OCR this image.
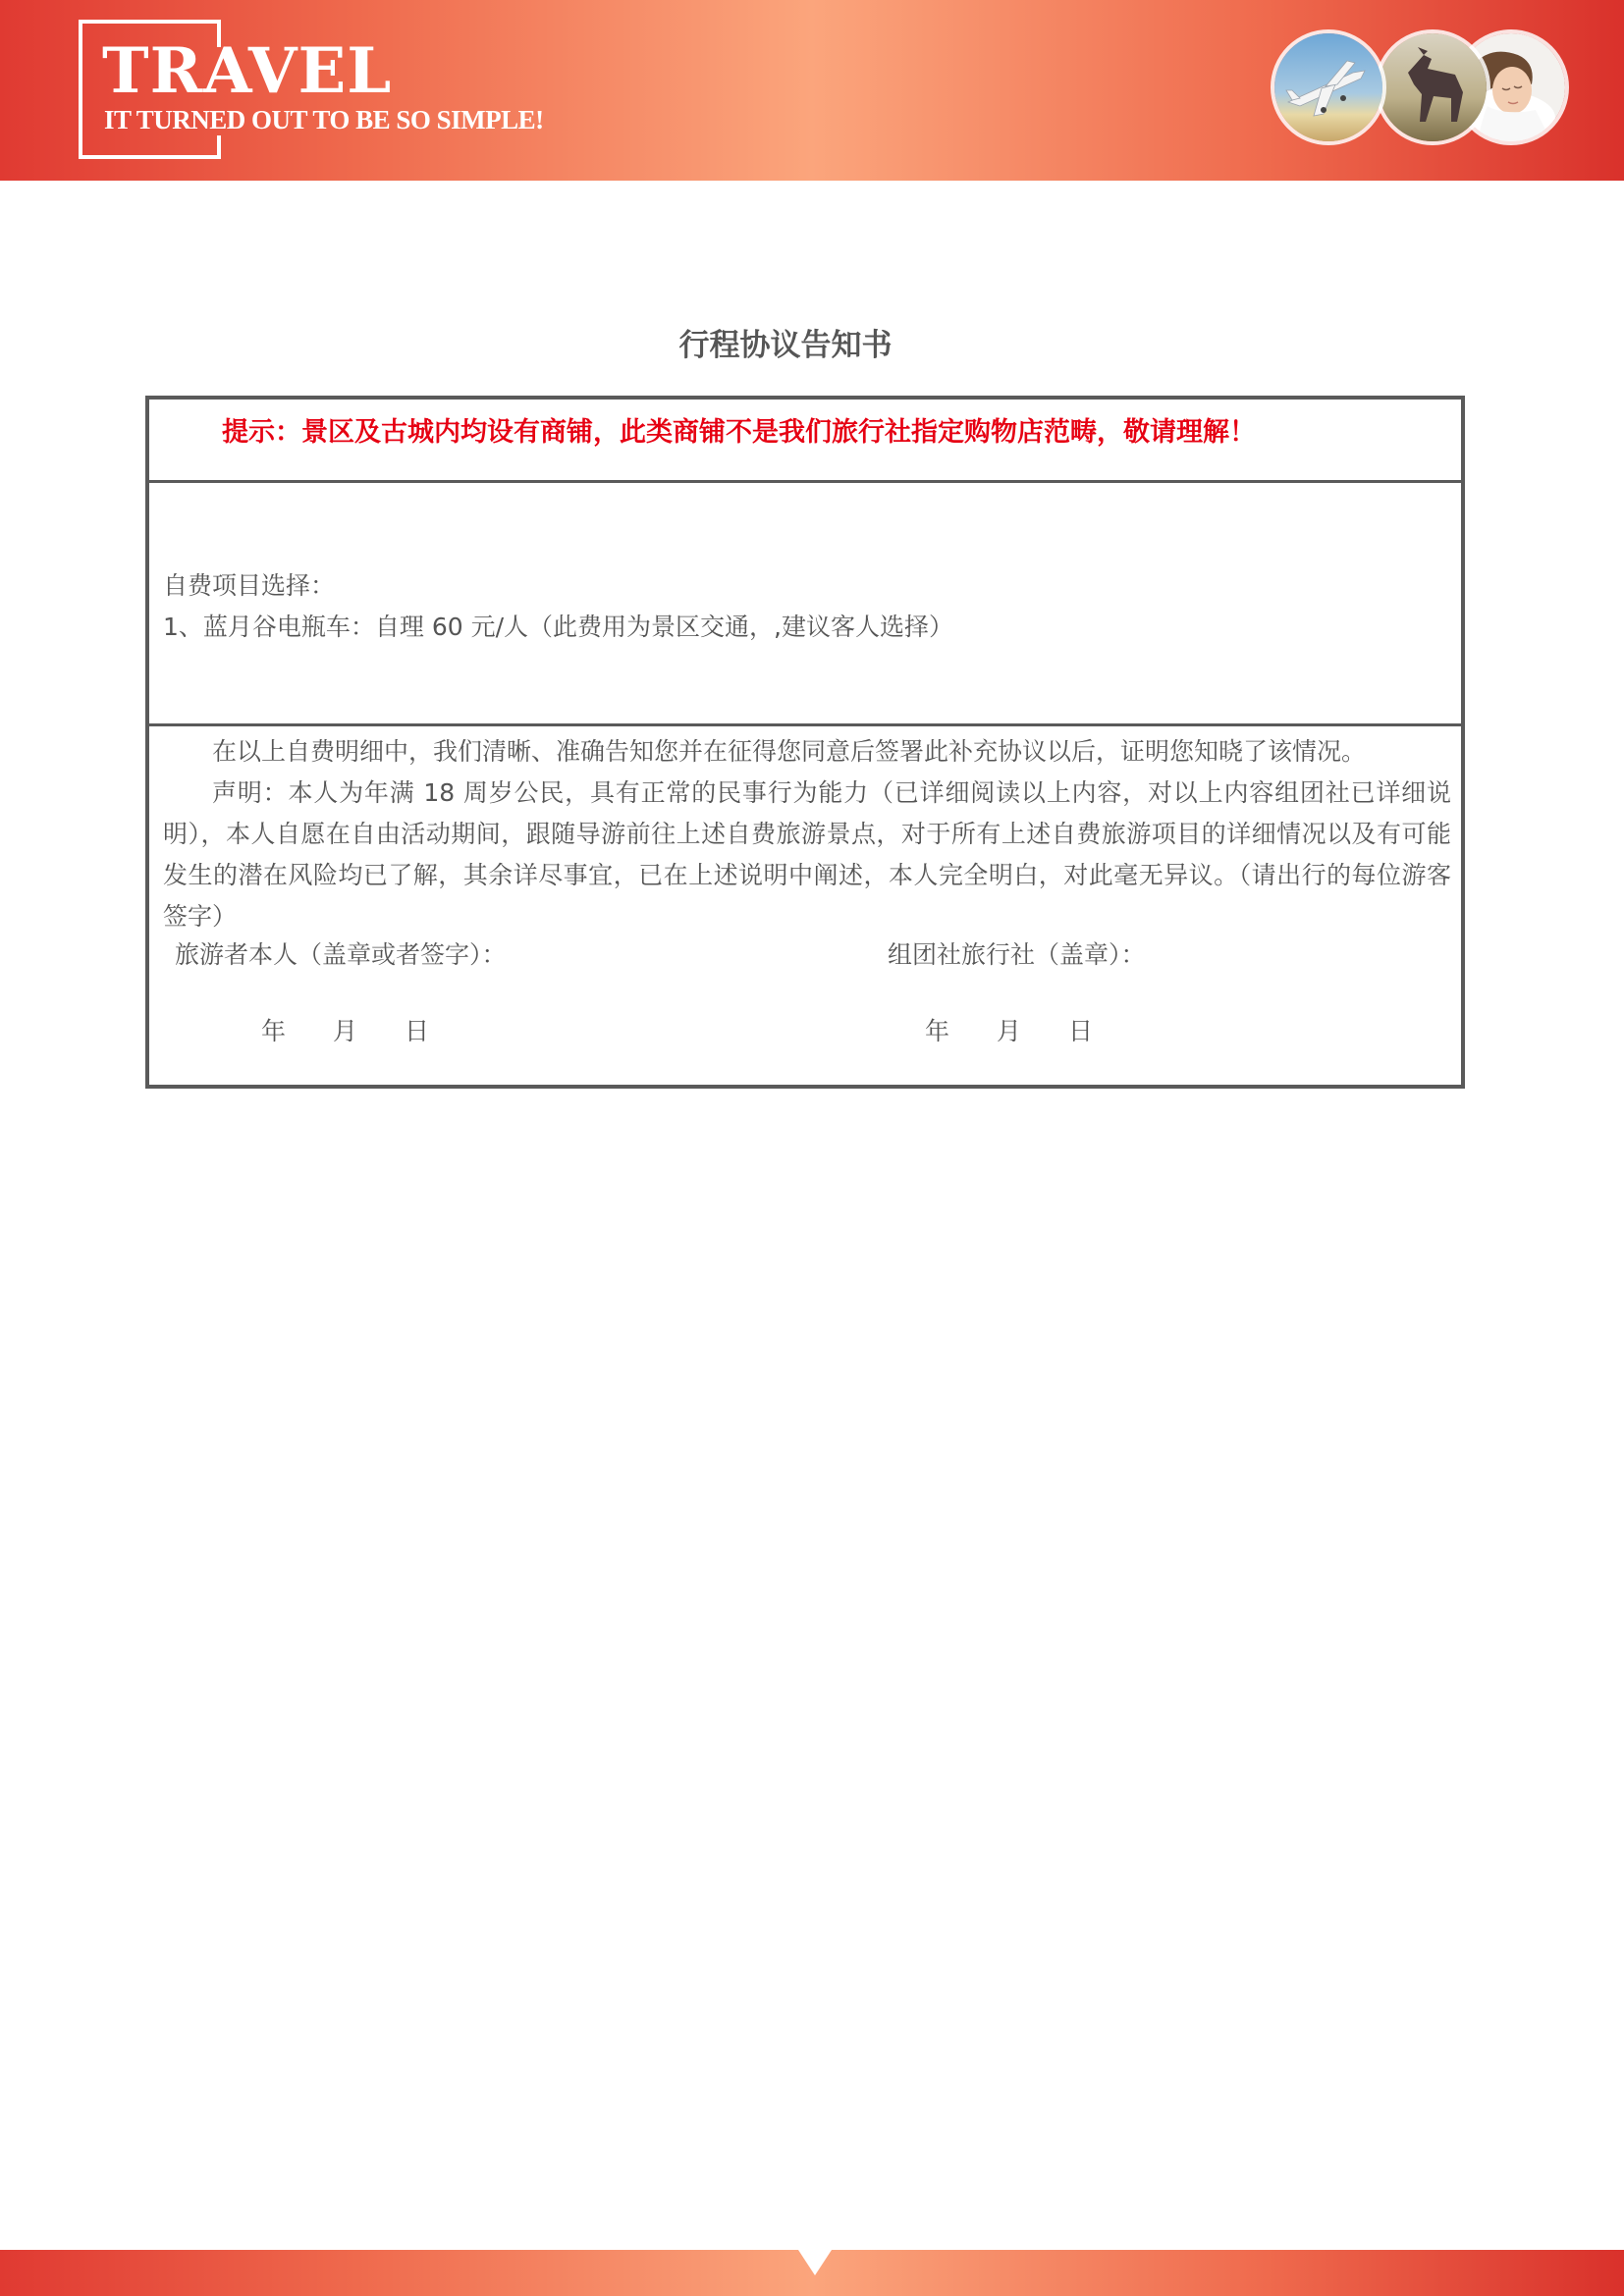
TRAVEL
IT TURNED OUT TO BE SO SIMPLE!
行程协议告知书
提示：景区及古城内均设有商铺，此类商铺不是我们旅行社指定购物店范畴，敬请理解！
自费项目选择：
1、蓝月谷电瓶车：自理 60 元/人（此费用为景区交通，,建议客人选择）
在以上自费明细中，我们清晰、准确告知您并在征得您同意后签署此补充协议以后，证明您知晓了该情况。
声明：本人为年满 18 周岁公民，具有正常的民事行为能力（已详细阅读以上内容，对以上内容组团社已详细说明），本人自愿在自由活动期间，跟随导游前往上述自费旅游景点，对于所有上述自费旅游项目的详细情况以及有可能发生的潜在风险均已了解，其余详尽事宜，已在上述说明中阐述，本人完全明白，对此毫无异议。（请出行的每位游客签字）
旅游者本人（盖章或者签字）：	组团社旅行社（盖章）：
年 月 日	年 月 日
